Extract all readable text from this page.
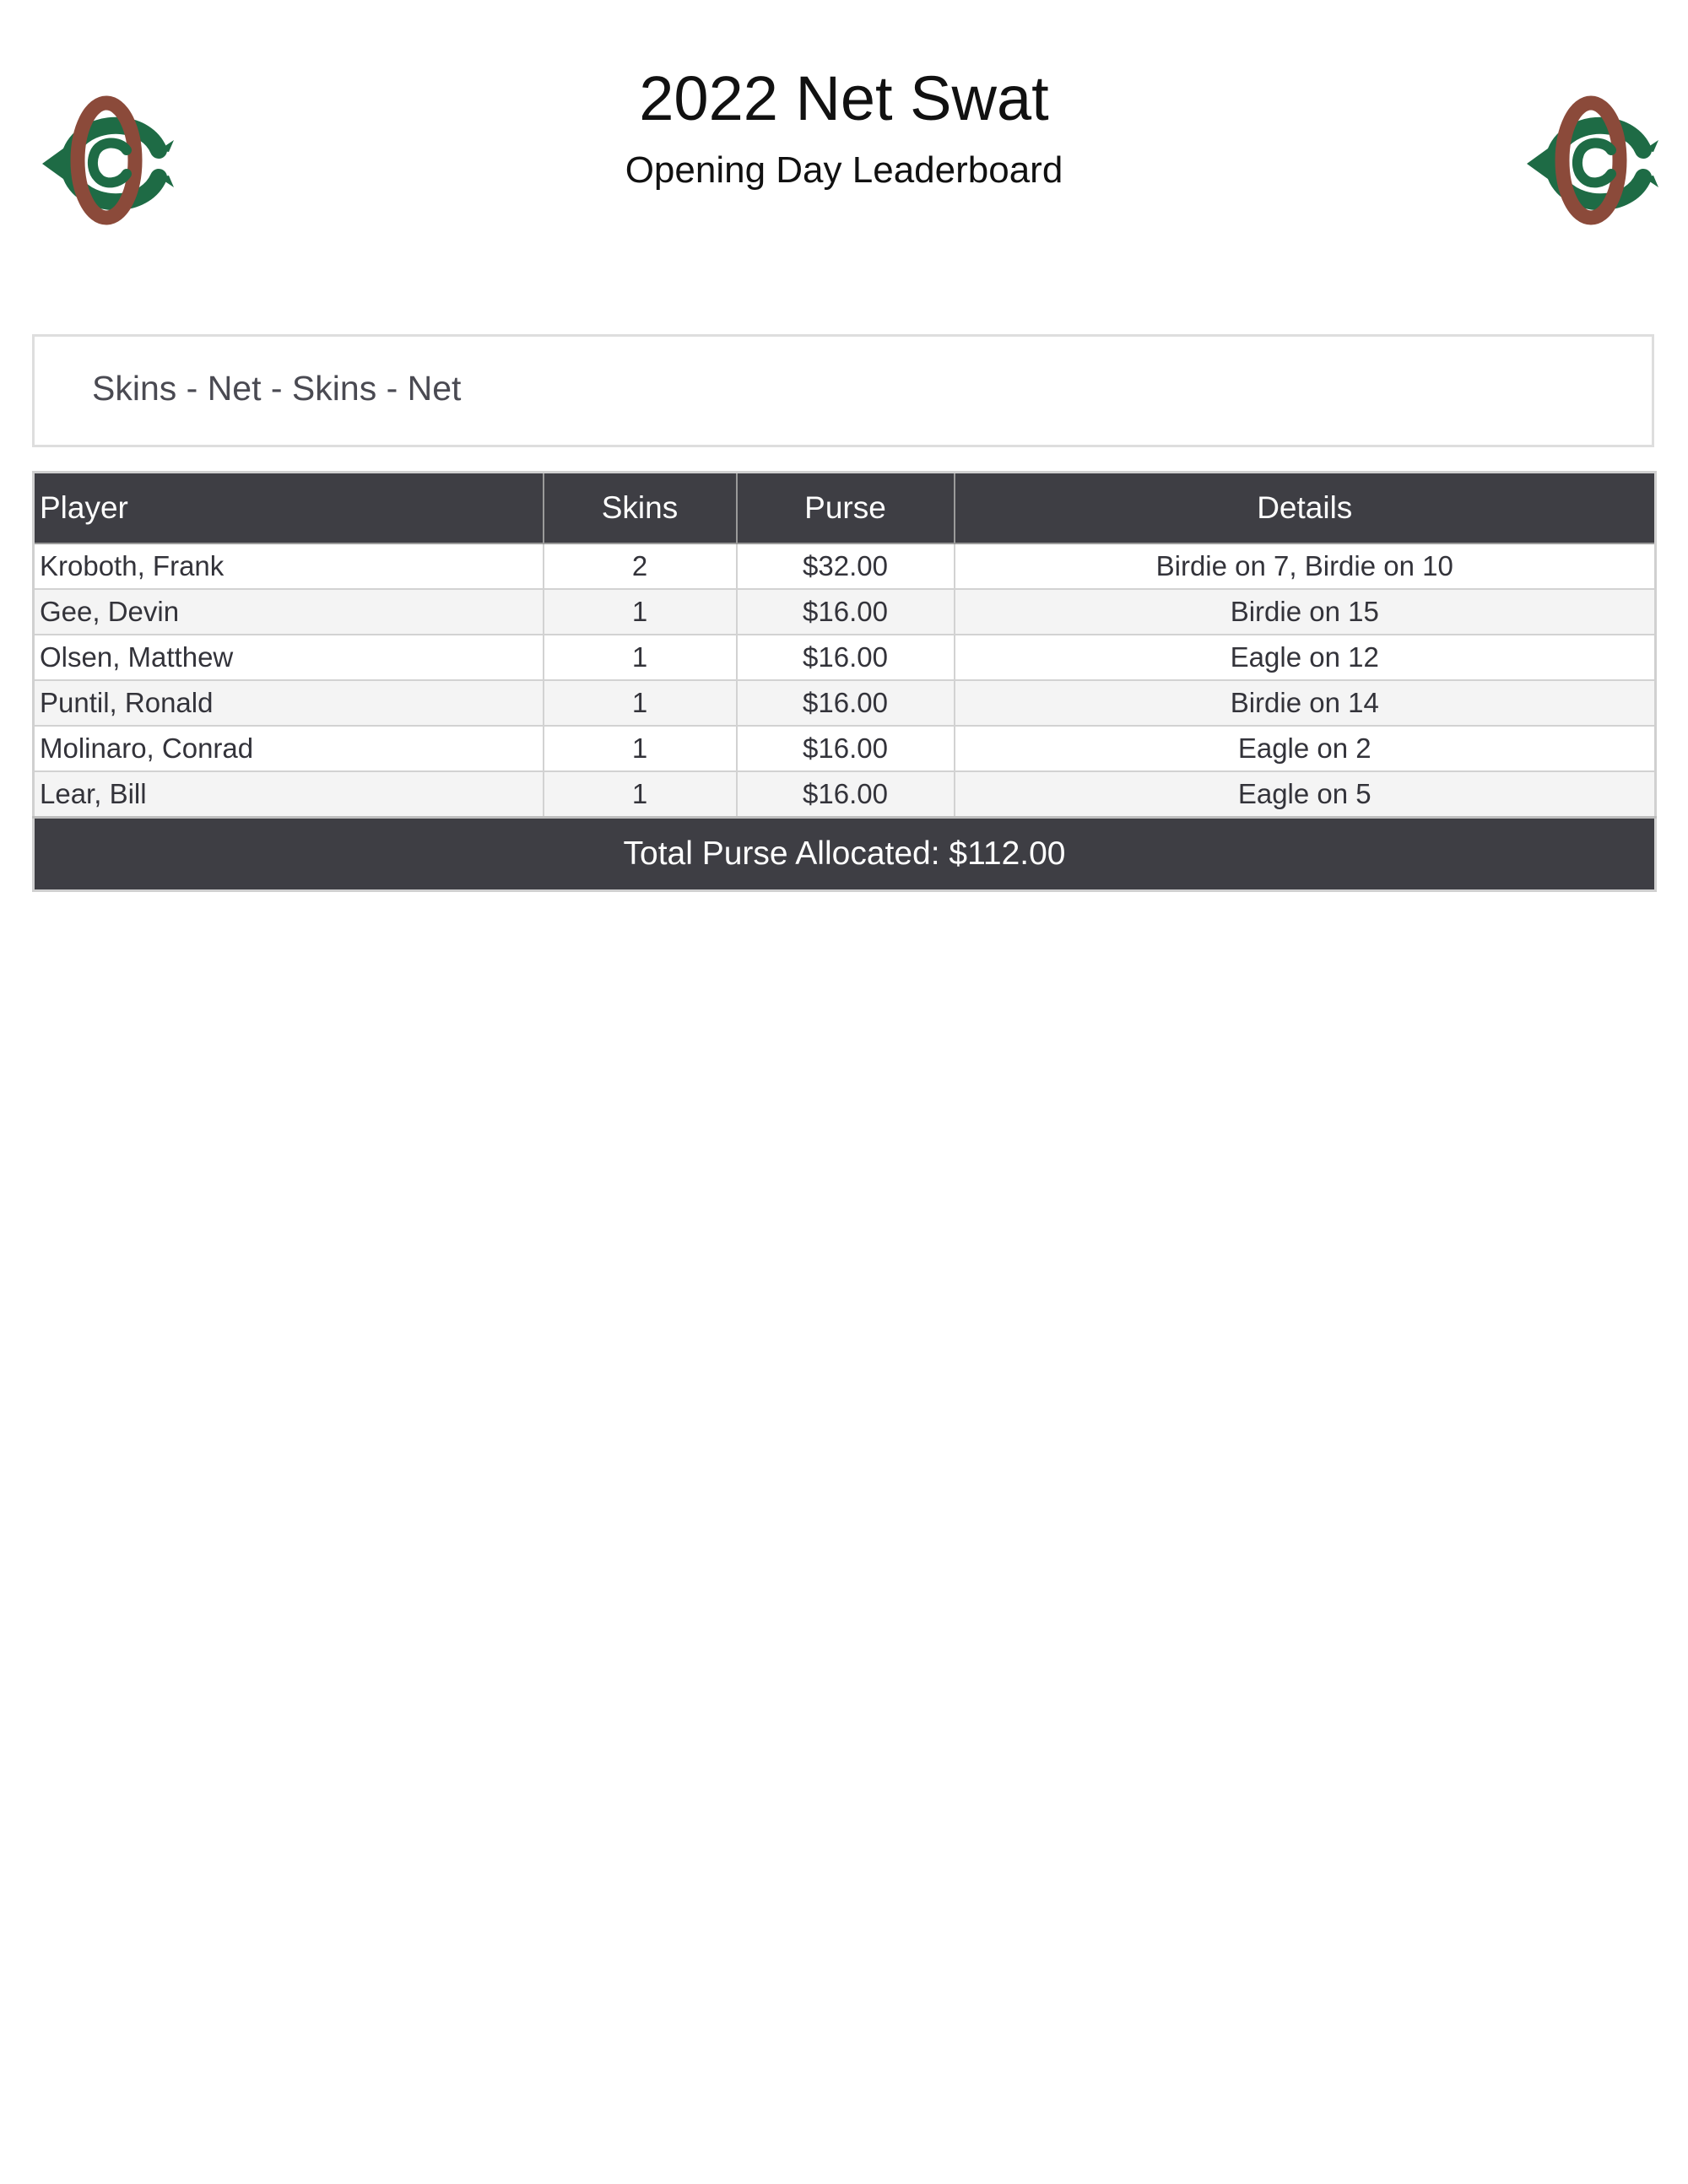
2022 Net Swat
Opening Day Leaderboard
Skins - Net - Skins - Net
Player	Skins	Purse	Details
Kroboth, Frank	2	$32.00	Birdie on 7, Birdie on 10
Gee, Devin	1	$16.00	Birdie on 15
Olsen, Matthew	1	$16.00	Eagle on 12
Puntil, Ronald	1	$16.00	Birdie on 14
Molinaro, Conrad	1	$16.00	Eagle on 2
Lear, Bill	1	$16.00	Eagle on 5
Total Purse Allocated: $112.00			
